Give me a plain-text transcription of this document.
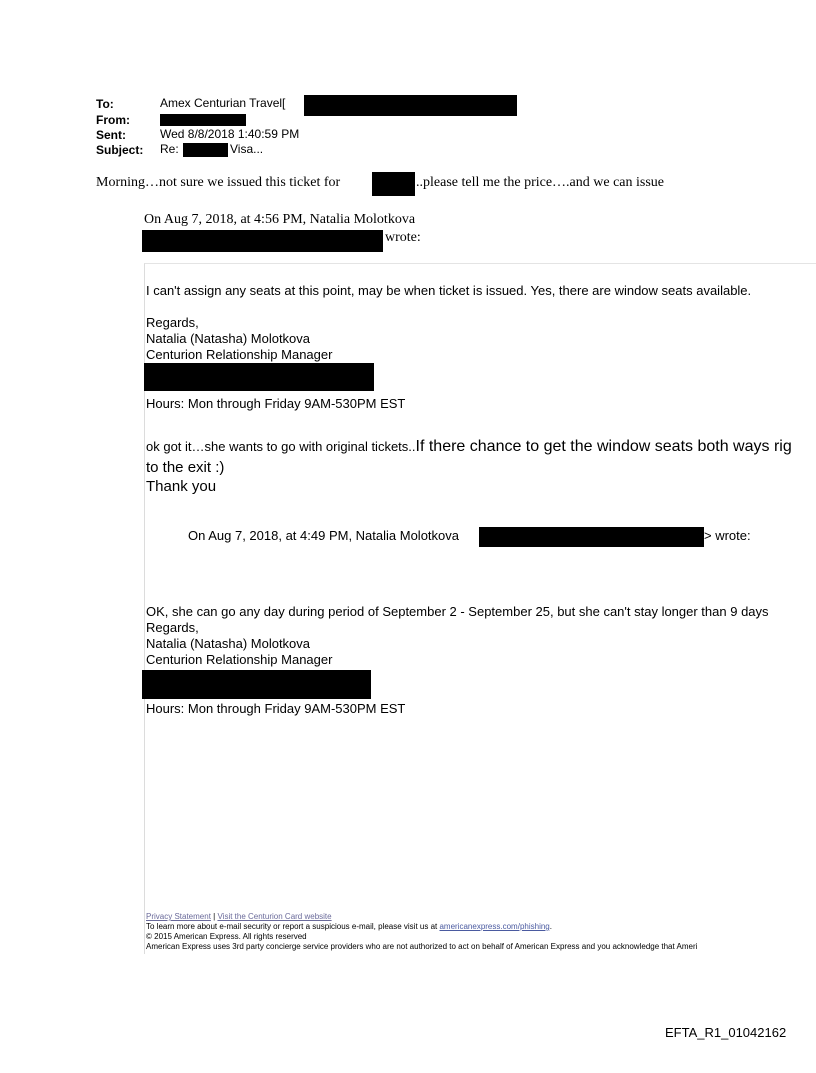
To:	Amex Centurian Travel[
From:
Sent:	Wed 8/8/2018 1:40:59 PM
Subject: Re:	Visa...
Morning…not sure we issued this ticket for	..please tell me the price….and we can issue
On Aug 7, 2018, at 4:56 PM, Natalia Molotkova
wrote:
I can't assign any seats at this point, may be when ticket is issued. Yes, there are window seats available.
Regards,
Natalia (Natasha) Molotkova
Centurion Relationship Manager
Hours: Mon through Friday 9AM-530PM EST
ok got it…she wants to go with original tickets..If there chance to get the window seats both ways rig
to the exit :)
Thank you
On Aug 7, 2018, at 4:49 PM, Natalia Molotkova	> wrote:
OK, she can go any day during period of September 2 - September 25, but she can't stay longer than 9 days
Regards,
Natalia (Natasha) Molotkova
Centurion Relationship Manager
Hours: Mon through Friday 9AM-530PM EST
Privacy Statement | Visit the Centurion Card website
To learn more about e-mail security or report a suspicious e-mail, please visit us at americanexpress.com/phishing.
© 2015 American Express. All rights reserved
American Express uses 3rd party concierge service providers who are not authorized to act on behalf of American Express and you acknowledge that Ameri
EFTA_R1_01042162
